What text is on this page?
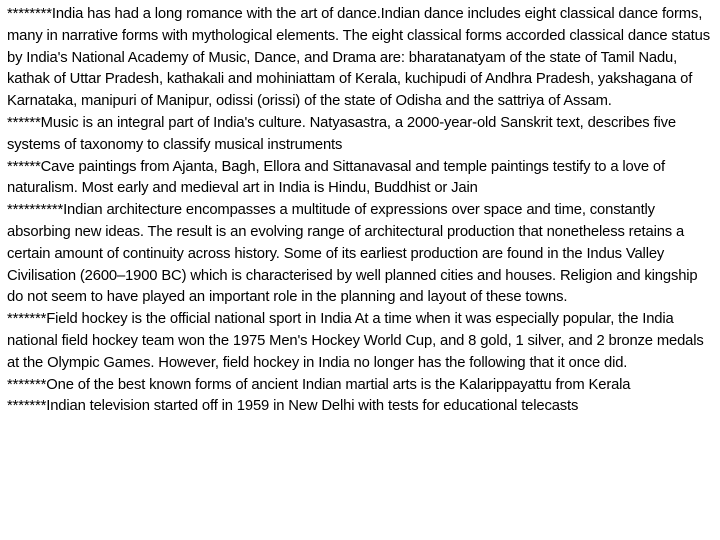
********India has had a long romance with the art of dance.Indian dance includes eight classical dance forms, many in narrative forms with mythological elements. The eight classical forms accorded classical dance status by India's National Academy of Music, Dance, and Drama are: bharatanatyam of the state of Tamil Nadu, kathak of Uttar Pradesh, kathakali and mohiniattam of Kerala, kuchipudi of Andhra Pradesh, yakshagana of Karnataka, manipuri of Manipur, odissi (orissi) of the state of Odisha and the sattriya of Assam.

******Music is an integral part of India's culture. Natyasastra, a 2000-year-old Sanskrit text, describes five systems of taxonomy to classify musical instruments

******Cave paintings from Ajanta, Bagh, Ellora and Sittanavasal and temple paintings testify to a love of naturalism. Most early and medieval art in India is Hindu, Buddhist or Jain

**********Indian architecture encompasses a multitude of expressions over space and time, constantly absorbing new ideas. The result is an evolving range of architectural production that nonetheless retains a certain amount of continuity across history. Some of its earliest production are found in the Indus Valley Civilisation (2600–1900 BC) which is characterised by well planned cities and houses. Religion and kingship do not seem to have played an important role in the planning and layout of these towns.

*******Field hockey is the official national sport in India At a time when it was especially popular, the India national field hockey team won the 1975 Men's Hockey World Cup, and 8 gold, 1 silver, and 2 bronze medals at the Olympic Games. However, field hockey in India no longer has the following that it once did.

*******One of the best known forms of ancient Indian martial arts is the Kalarippayattu from Kerala

*******Indian television started off in 1959 in New Delhi with tests for educational telecasts
